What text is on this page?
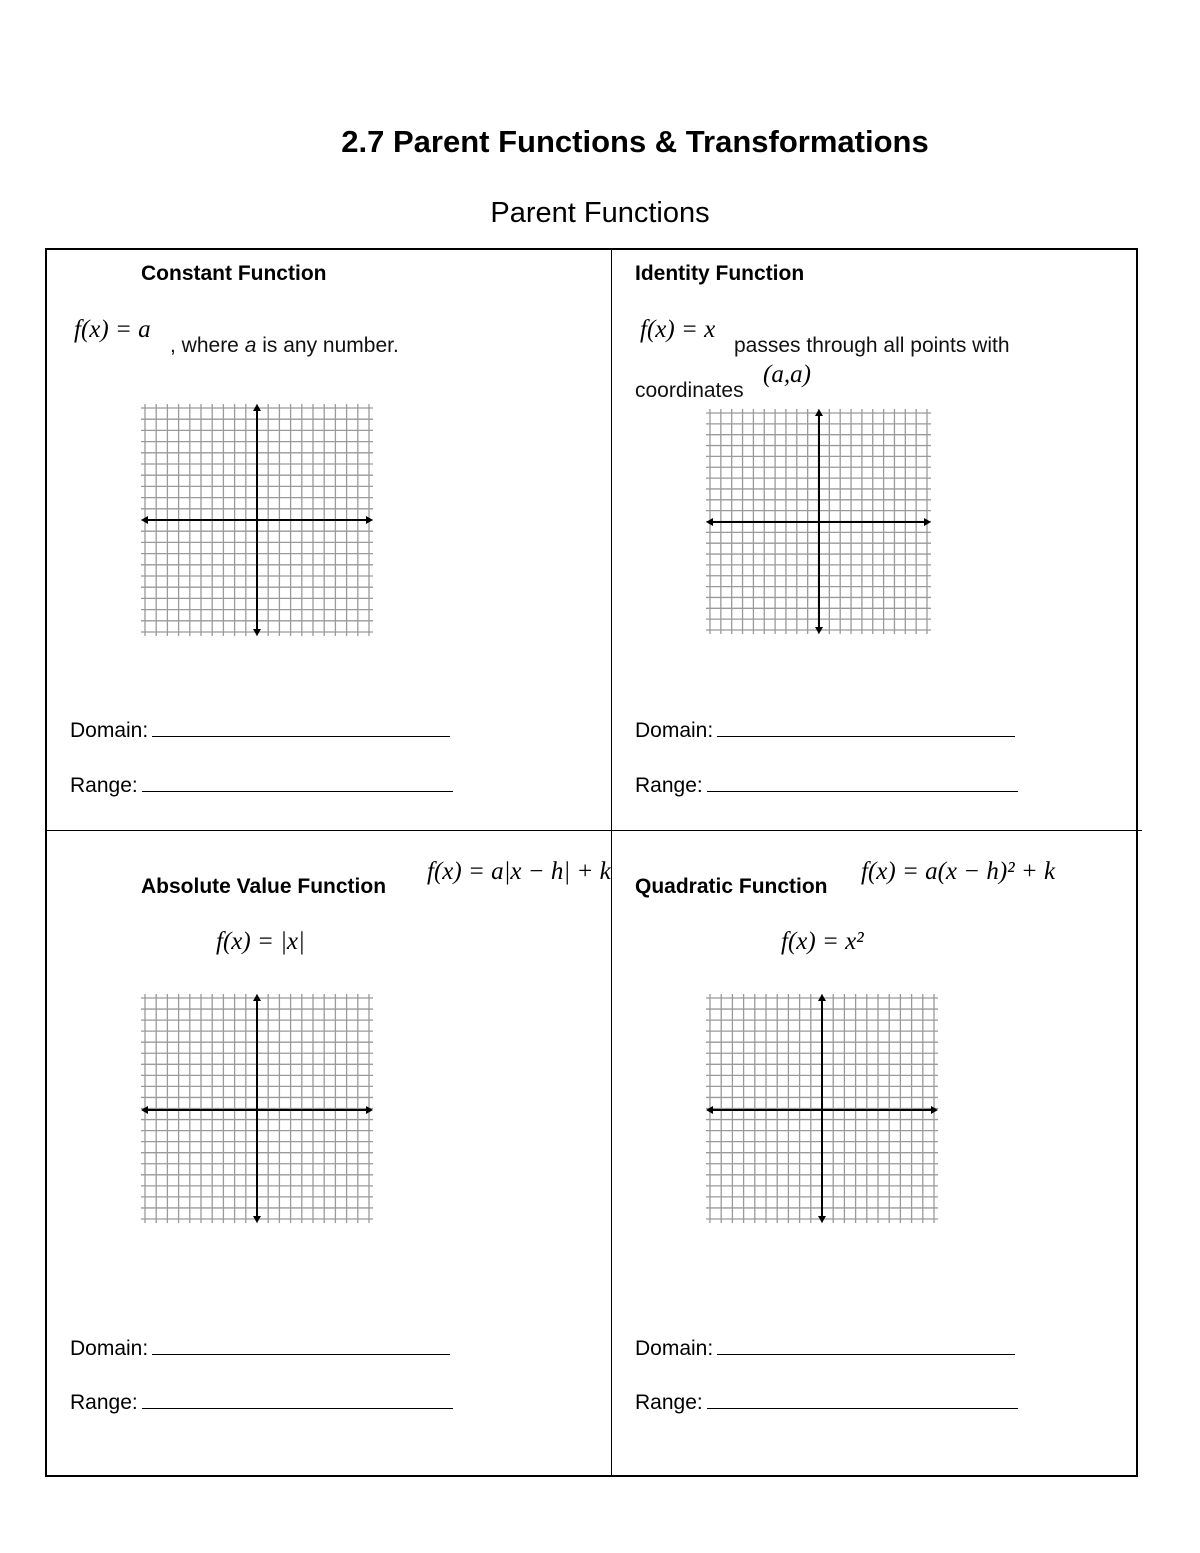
2.7 Parent Functions & Transformations
Parent Functions
Constant Function
f(x) = a
, where a is any number.
Domain:
Range:
Identity Function
f(x) = x
passes through all points with
coordinates
(a,a)
Domain:
Range:
Absolute Value Function
f(x) = a|x − h| + k
f(x) = |x|
Domain:
Range:
Quadratic Function
f(x) = a(x − h)² + k
f(x) = x²
Domain:
Range:
